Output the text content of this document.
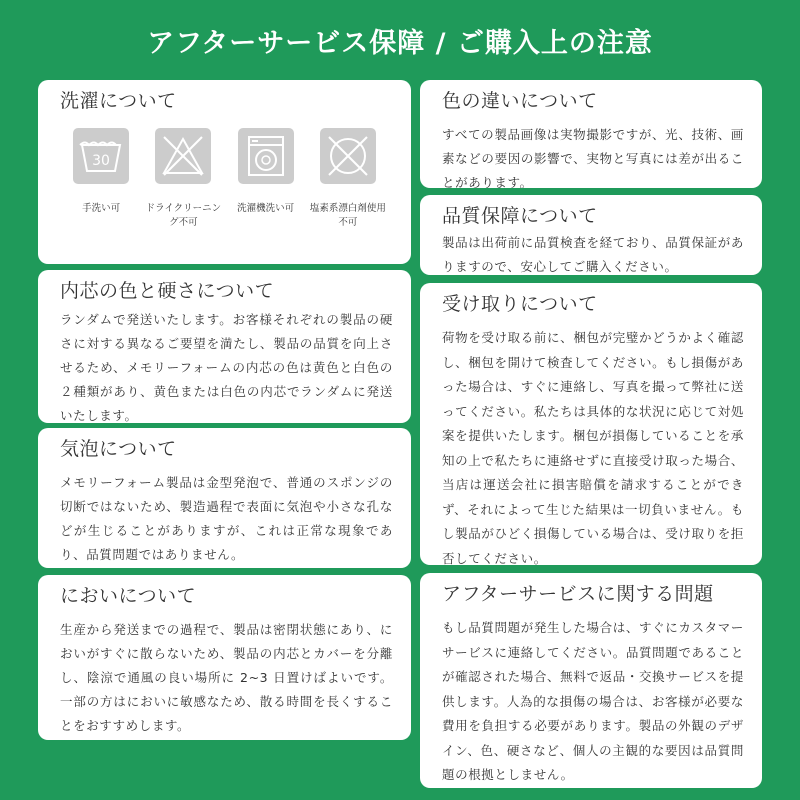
アフターサービス保障 / ご購入上の注意
洗濯について
30
手洗い可	ドライクリーニング不可
洗濯機洗い可	塩素系漂白剤使用不可
内芯の色と硬さについて

ランダムで発送いたします。お客様それぞれの製品の硬さに対する異なるご要望を満たし、製品の品質を向上させるため、メモリーフォームの内芯の色は黄色と白色の２種類があり、黄色または白色の内芯でランダムに発送いたします。

気泡について

メモリーフォーム製品は金型発泡で、普通のスポンジの切断ではないため、製造過程で表面に気泡や小さな孔などが生じることがありますが、これは正常な現象であり、品質問題ではありません。

においについて

生産から発送までの過程で、製品は密閉状態にあり、においがすぐに散らないため、製品の内芯とカバーを分離し、陰涼で通風の良い場所に 2~3 日置けばよいです。一部の方はにおいに敏感なため、散る時間を長くすることをおすすめします。

色の違いについて

すべての製品画像は実物撮影ですが、光、技術、画素などの要因の影響で、実物と写真には差が出ることがあります。

品質保障について

製品は出荷前に品質検査を経ており、品質保証がありますので、安心してご購入ください。

受け取りについて

荷物を受け取る前に、梱包が完璧かどうかよく確認し、梱包を開けて検査してください。もし損傷があった場合は、すぐに連絡し、写真を撮って弊社に送ってください。私たちは具体的な状況に応じて対処案を提供いたします。梱包が損傷していることを承知の上で私たちに連絡せずに直接受け取った場合、当店は運送会社に損害賠償を請求することができず、それによって生じた結果は一切負いません。もし製品がひどく損傷している場合は、受け取りを拒否してください。

アフターサービスに関する問題

もし品質問題が発生した場合は、すぐにカスタマーサービスに連絡してください。品質問題であることが確認された場合、無料で返品・交換サービスを提供します。人為的な損傷の場合は、お客様が必要な費用を負担する必要があります。製品の外観のデザイン、色、硬さなど、個人の主観的な要因は品質問題の根拠としません。
